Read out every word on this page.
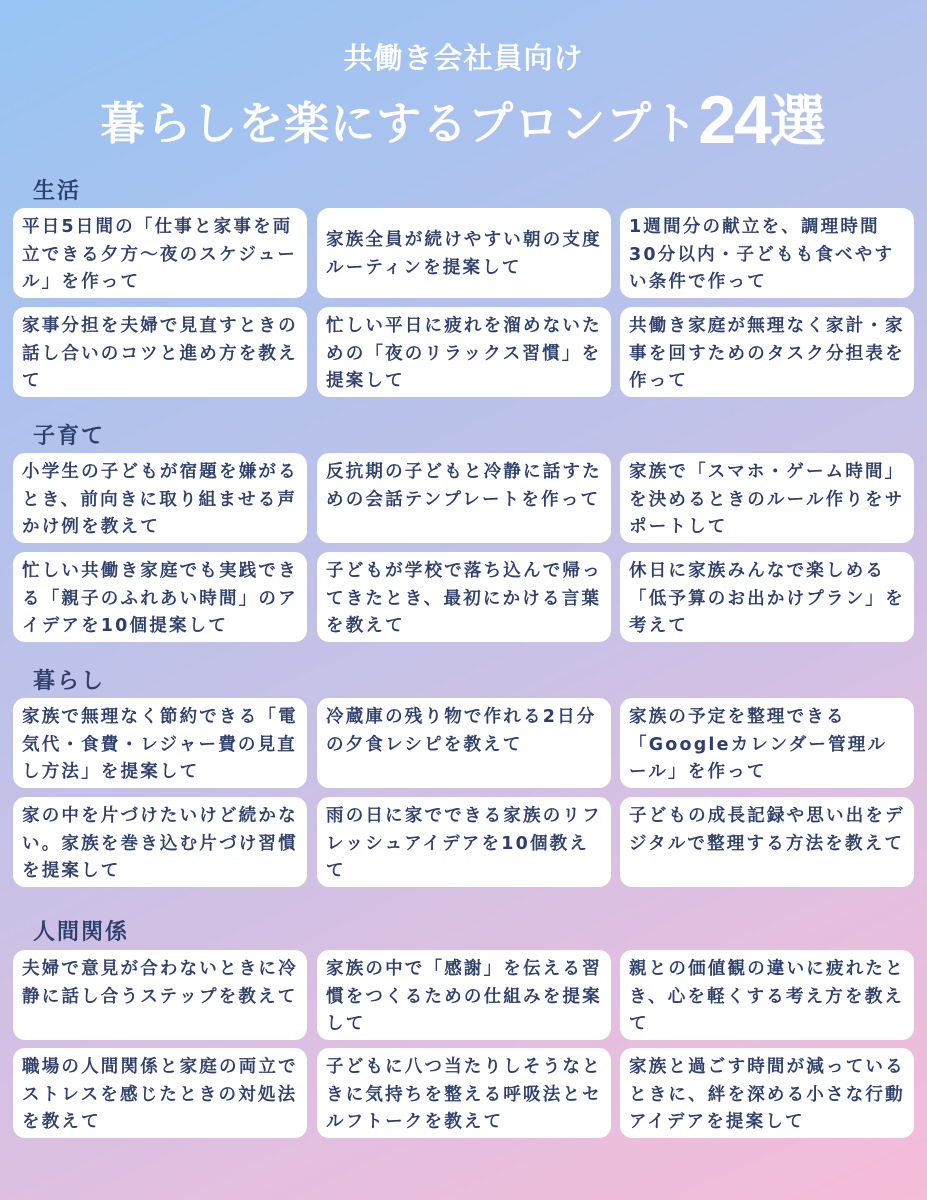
共働き会社員向け
暮らしを楽にするプロンプト24選
生活
平日5日間の「仕事と家事を両立できる夕方〜夜のスケジュール」を作って
家族全員が続けやすい朝の支度ルーティンを提案して
1週間分の献立を、調理時間30分以内・子どもも食べやすい条件で作って
家事分担を夫婦で見直すときの話し合いのコツと進め方を教えて
忙しい平日に疲れを溜めないための「夜のリラックス習慣」を提案して
共働き家庭が無理なく家計・家事を回すためのタスク分担表を作って
子育て
小学生の子どもが宿題を嫌がるとき、前向きに取り組ませる声かけ例を教えて
反抗期の子どもと冷静に話すための会話テンプレートを作って
家族で「スマホ・ゲーム時間」を決めるときのルール作りをサポートして
忙しい共働き家庭でも実践できる「親子のふれあい時間」のアイデアを10個提案して
子どもが学校で落ち込んで帰ってきたとき、最初にかける言葉を教えて
休日に家族みんなで楽しめる「低予算のお出かけプラン」を考えて
暮らし
家族で無理なく節約できる「電気代・食費・レジャー費の見直し方法」を提案して
冷蔵庫の残り物で作れる2日分の夕食レシピを教えて
家族の予定を整理できる「Googleカレンダー管理ルール」を作って
家の中を片づけたいけど続かない。家族を巻き込む片づけ習慣を提案して
雨の日に家でできる家族のリフレッシュアイデアを10個教えて
子どもの成長記録や思い出をデジタルで整理する方法を教えて
人間関係
夫婦で意見が合わないときに冷静に話し合うステップを教えて
家族の中で「感謝」を伝える習慣をつくるための仕組みを提案して
親との価値観の違いに疲れたとき、心を軽くする考え方を教えて
職場の人間関係と家庭の両立でストレスを感じたときの対処法を教えて
子どもに八つ当たりしそうなときに気持ちを整える呼吸法とセルフトークを教えて
家族と過ごす時間が減っているときに、絆を深める小さな行動アイデアを提案して
